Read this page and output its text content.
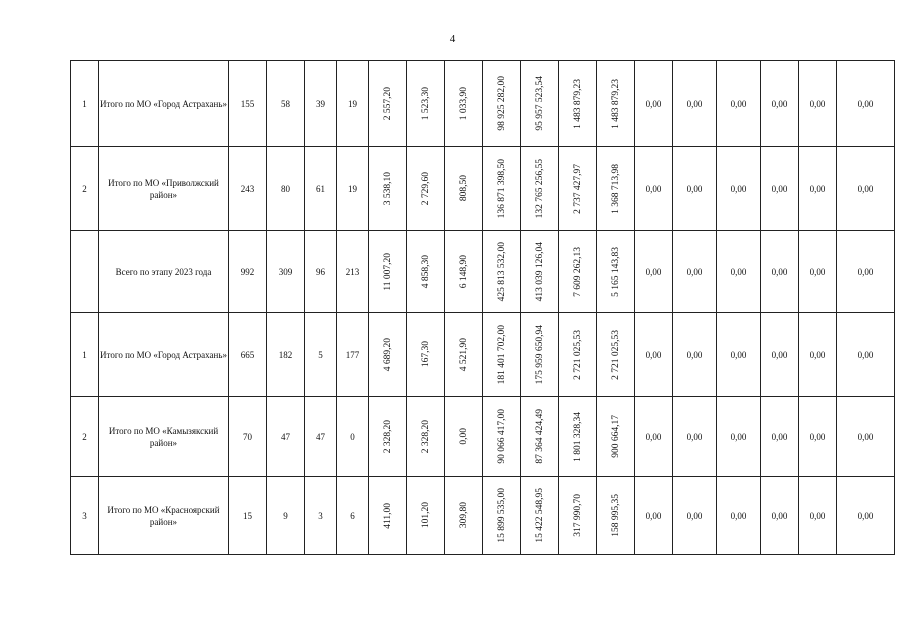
4
1	Итого по МО «Город Астрахань»	155	58	39	19	2 557,20	1 523,30	1 033,90	98 925 282,00	95 957 523,54	1 483 879,23	1 483 879,23	0,00	0,00	0,00	0,00	0,00	0,00
2	Итого по МО «Приволжский район»	243	80	61	19	3 538,10	2 729,60	808,50	136 871 398,50	132 765 256,55	2 737 427,97	1 368 713,98	0,00	0,00	0,00	0,00	0,00	0,00
	Всего по этапу 2023 года	992	309	96	213	11 007,20	4 858,30	6 148,90	425 813 532,00	413 039 126,04	7 609 262,13	5 165 143,83	0,00	0,00	0,00	0,00	0,00	0,00
1	Итого по МО «Город Астрахань»	665	182	5	177	4 689,20	167,30	4 521,90	181 401 702,00	175 959 650,94	2 721 025,53	2 721 025,53	0,00	0,00	0,00	0,00	0,00	0,00
2	Итого по МО «Камызякский район»	70	47	47	0	2 328,20	2 328,20	0,00	90 066 417,00	87 364 424,49	1 801 328,34	900 664,17	0,00	0,00	0,00	0,00	0,00	0,00
3	Итого по МО «Красноярский район»	15	9	3	6	411,00	101,20	309,80	15 899 535,00	15 422 548,95	317 990,70	158 995,35	0,00	0,00	0,00	0,00	0,00	0,00
